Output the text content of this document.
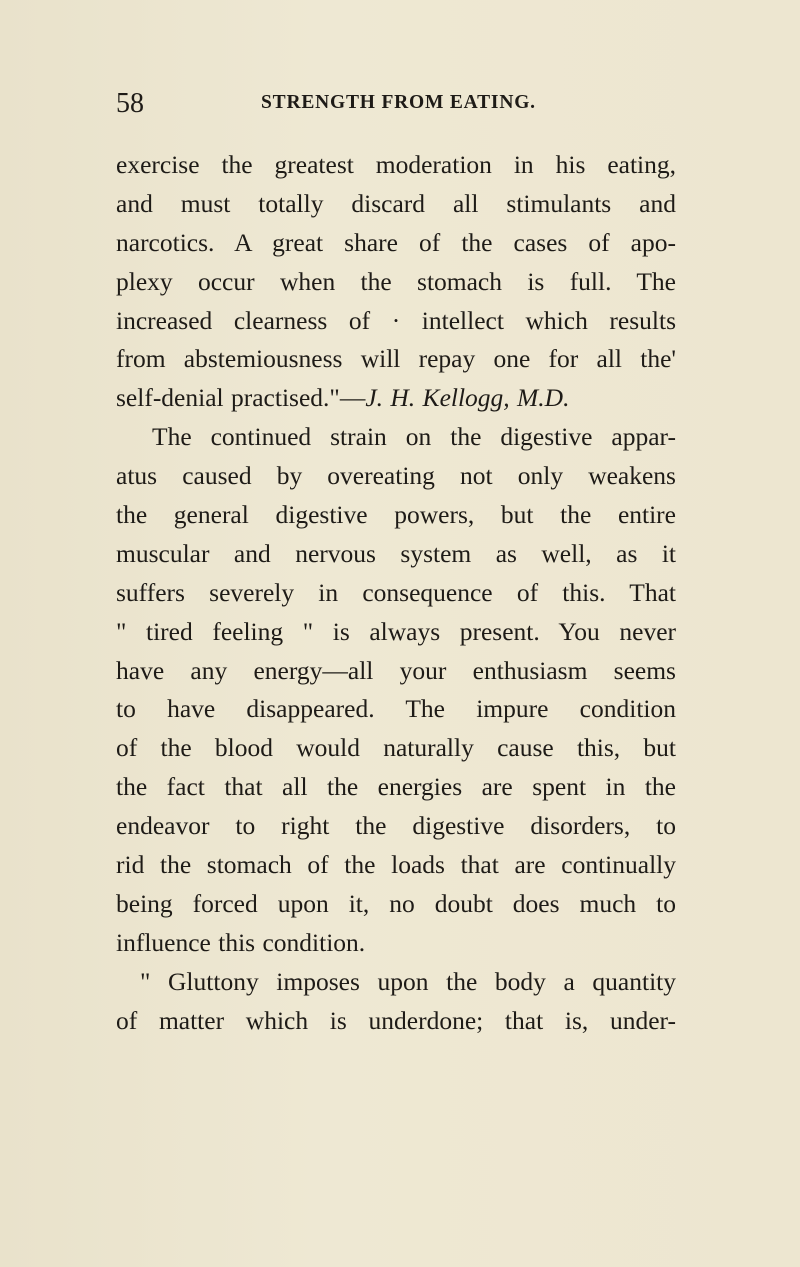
58	STRENGTH FROM EATING.
exercise the greatest moderation in his eating,
and must totally discard all stimulants and
narcotics. A great share of the cases of apo-
plexy occur when the stomach is full. The
increased clearness of · intellect which results
from abstemiousness will repay one for all the'
self-denial practised."—J. H. Kellogg, M.D.
The continued strain on the digestive appar-
atus caused by overeating not only weakens
the general digestive powers, but the entire
muscular and nervous system as well, as it
suffers severely in consequence of this. That
" tired feeling " is always present. You never
have any energy—all your enthusiasm seems
to have disappeared. The impure condition
of the blood would naturally cause this, but
the fact that all the energies are spent in the
endeavor to right the digestive disorders, to
rid the stomach of the loads that are continually
being forced upon it, no doubt does much to
influence this condition.
" Gluttony imposes upon the body a quantity
of matter which is underdone; that is, under-
